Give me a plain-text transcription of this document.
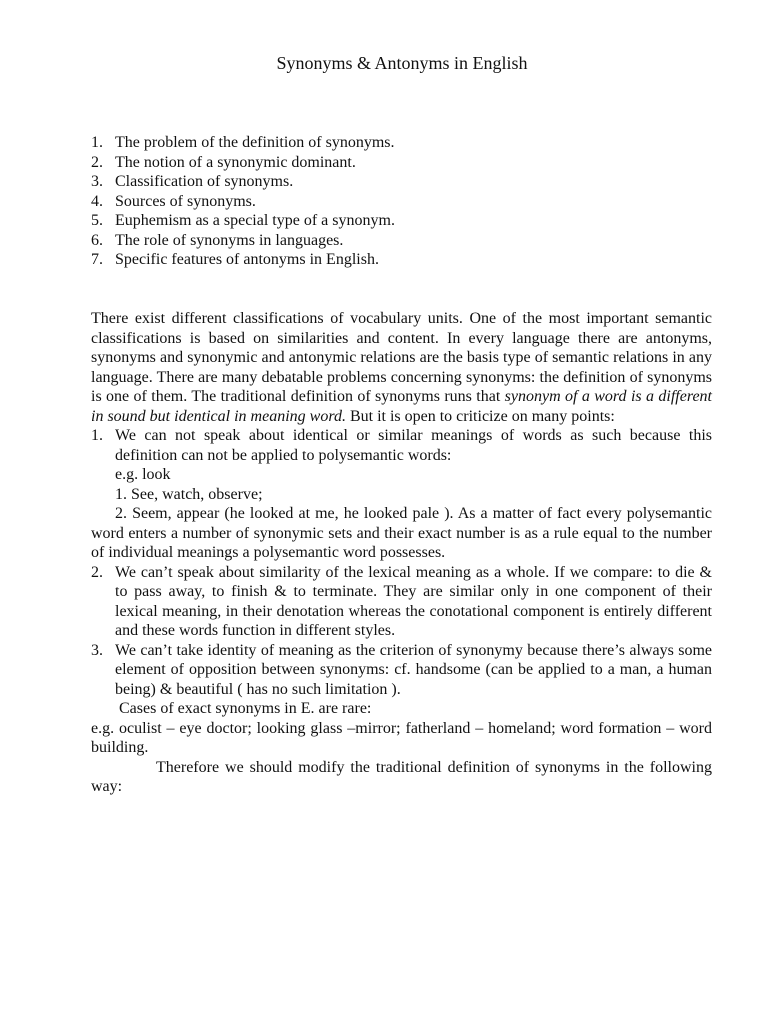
Synonyms & Antonyms in English
1. The problem of the definition of synonyms.
2. The notion of a synonymic dominant.
3. Classification of synonyms.
4. Sources of synonyms.
5. Euphemism as a special type of a synonym.
6. The role of synonyms in languages.
7. Specific features of antonyms in English.

There exist different classifications of vocabulary units. One of the most important semantic classifications is based on similarities and content. In every language there are antonyms, synonyms and synonymic and antonymic relations are the basis type of semantic relations in any language. There are many debatable problems concerning synonyms: the definition of synonyms is one of them. The traditional definition of synonyms runs that synonym of a word is a different in sound but identical in meaning word. But it is open to criticize on many points:

1. We can not speak about identical or similar meanings of words as such because this definition can not be applied to polysemantic words:

e.g. look

1. See, watch, observe;

2. Seem, appear (he looked at me, he looked pale ). As a matter of fact every polysemantic word enters a number of synonymic sets and their exact number is as a rule equal to the number of individual meanings a polysemantic word possesses.

2. We can’t speak about similarity of the lexical meaning as a whole. If we compare: to die & to pass away, to finish & to terminate. They are similar only in one component of their lexical meaning, in their denotation whereas the conotational component is entirely different and these words function in different styles.

3. We can’t take identity of meaning as the criterion of synonymy because there’s always some element of opposition between synonyms: cf. handsome (can be applied to a man, a human being) & beautiful ( has no such limitation ).

Cases of exact synonyms in E. are rare:

e.g. oculist – eye doctor; looking glass –mirror; fatherland – homeland; word formation – word building.

Therefore we should modify the traditional definition of synonyms in the following way:
